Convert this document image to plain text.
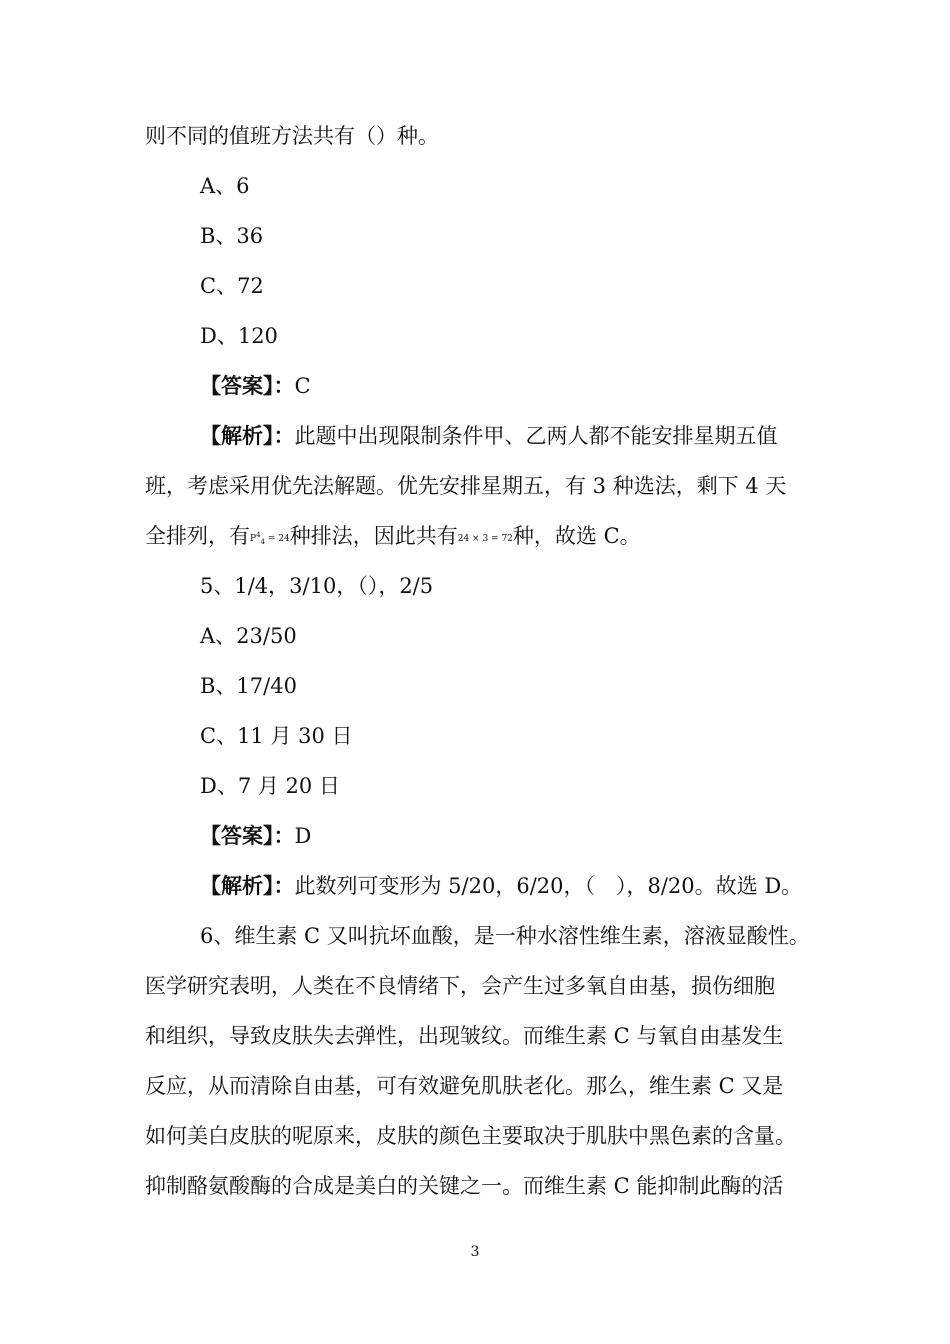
则不同的值班方法共有（）种。
A、6
B、36
C、72
D、120
【答案】：C
【解析】：此题中出现限制条件甲、乙两人都不能安排星期五值
班，考虑采用优先法解题。优先安排星期五，有 3 种选法，剩下 4 天
全排列，有$P^4_4 = 24$种排法，因此共有24 × 3 = 72种，故选 C。
5、1/4，3/10，（），2/5
A、23/50
B、17/40
C、11 月 30 日
D、7 月 20 日
【答案】：D
【解析】：此数列可变形为 5/20，6/20，（　），8/20。故选 D。
6、维生素 C 又叫抗坏血酸，是一种水溶性维生素，溶液显酸性。
医学研究表明，人类在不良情绪下，会产生过多氧自由基，损伤细胞
和组织，导致皮肤失去弹性，出现皱纹。而维生素 C 与氧自由基发生
反应，从而清除自由基，可有效避免肌肤老化。那么，维生素 C 又是
如何美白皮肤的呢原来，皮肤的颜色主要取决于肌肤中黑色素的含量。
抑制酪氨酸酶的合成是美白的关键之一。而维生素 C 能抑制此酶的活
3
